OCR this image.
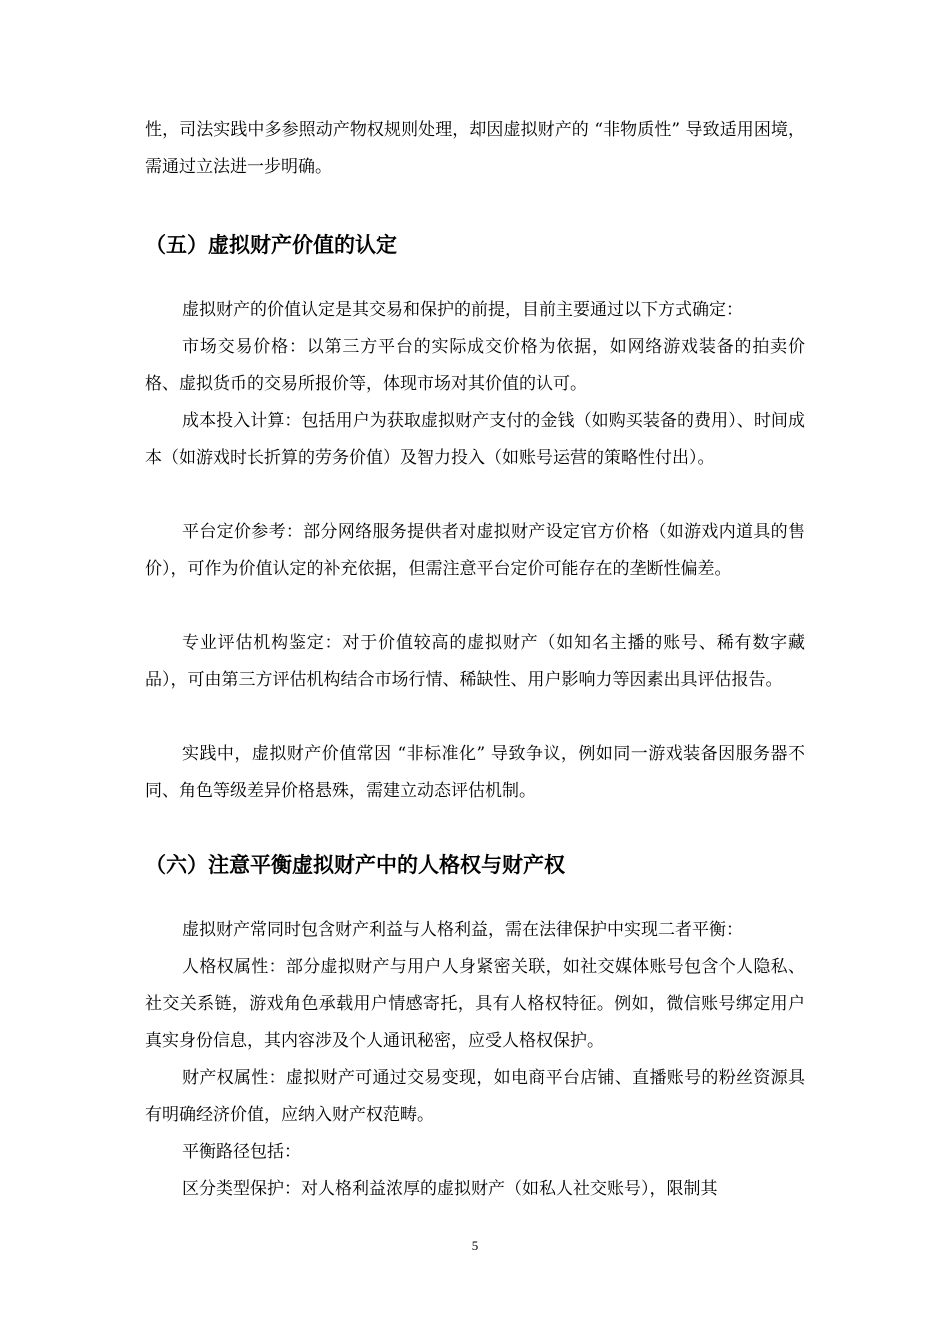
性，司法实践中多参照动产物权规则处理，却因虚拟财产的 “非物质性” 导致适用困境，需通过立法进一步明确。

（五）虚拟财产价值的认定

虚拟财产的价值认定是其交易和保护的前提，目前主要通过以下方式确定：

市场交易价格：以第三方平台的实际成交价格为依据，如网络游戏装备的拍卖价格、虚拟货币的交易所报价等，体现市场对其价值的认可。

成本投入计算：包括用户为获取虚拟财产支付的金钱（如购买装备的费用）、时间成本（如游戏时长折算的劳务价值）及智力投入（如账号运营的策略性付出）。

平台定价参考：部分网络服务提供者对虚拟财产设定官方价格（如游戏内道具的售价），可作为价值认定的补充依据，但需注意平台定价可能存在的垄断性偏差。

专业评估机构鉴定：对于价值较高的虚拟财产（如知名主播的账号、稀有数字藏品），可由第三方评估机构结合市场行情、稀缺性、用户影响力等因素出具评估报告。

实践中，虚拟财产价值常因 “非标准化” 导致争议，例如同一游戏装备因服务器不同、角色等级差异价格悬殊，需建立动态评估机制。

（六）注意平衡虚拟财产中的人格权与财产权

虚拟财产常同时包含财产利益与人格利益，需在法律保护中实现二者平衡：

人格权属性：部分虚拟财产与用户人身紧密关联，如社交媒体账号包含个人隐私、社交关系链，游戏角色承载用户情感寄托，具有人格权特征。例如，微信账号绑定用户真实身份信息，其内容涉及个人通讯秘密，应受人格权保护。

财产权属性：虚拟财产可通过交易变现，如电商平台店铺、直播账号的粉丝资源具有明确经济价值，应纳入财产权范畴。

平衡路径包括：

区分类型保护：对人格利益浓厚的虚拟财产（如私人社交账号），限制其

5
